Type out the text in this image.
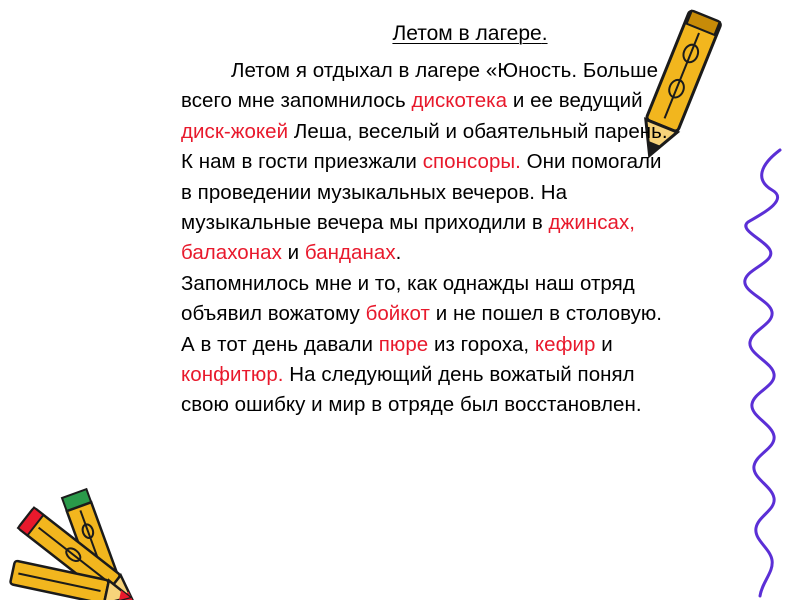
Летом в лагере.
Летом я отдыхал в лагере «Юность. Больше
всего мне запомнилось дискотека и ее ведущий
диск-жокей Леша, веселый и обаятельный парень.
К нам в гости приезжали спонсоры. Они помогали
в проведении музыкальных вечеров. На
музыкальные вечера мы приходили в джинсах,
балахонах и банданах.
Запомнилось мне и то, как однажды наш отряд
объявил вожатому бойкот и не пошел в столовую.
А в тот день давали пюре из гороха, кефир и
конфитюр. На следующий день вожатый понял
свою ошибку и мир в отряде был восстановлен.
